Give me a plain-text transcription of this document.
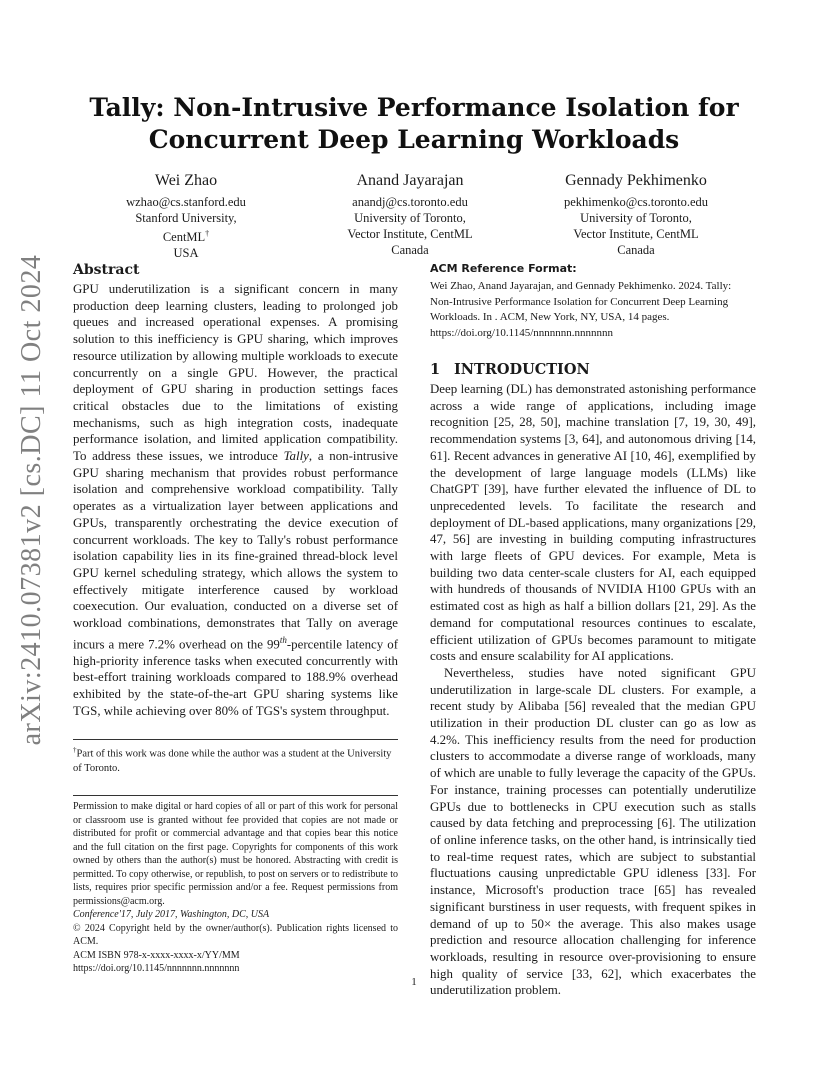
arXiv:2410.07381v2 [cs.DC] 11 Oct 2024
Tally: Non-Intrusive Performance Isolation for
Concurrent Deep Learning Workloads
Wei Zhao
wzhao@cs.stanford.edu
Stanford University,
CentML†
USA
Anand Jayarajan
anandj@cs.toronto.edu
University of Toronto,
Vector Institute, CentML
Canada
Gennady Pekhimenko
pekhimenko@cs.toronto.edu
University of Toronto,
Vector Institute, CentML
Canada
Abstract

GPU underutilization is a significant concern in many production deep learning clusters, leading to prolonged job queues and increased operational expenses. A promising solution to this inefficiency is GPU sharing, which improves resource utilization by allowing multiple workloads to execute concurrently on a single GPU. However, the practical deployment of GPU sharing in production settings faces critical obstacles due to the limitations of existing mechanisms, such as high integration costs, inadequate performance isolation, and limited application compatibility. To address these issues, we introduce Tally, a non-intrusive GPU sharing mechanism that provides robust performance isolation and comprehensive workload compatibility. Tally operates as a virtualization layer between applications and GPUs, transparently orchestrating the device execution of concurrent workloads. The key to Tally's robust performance isolation capability lies in its fine-grained thread-block level GPU kernel scheduling strategy, which allows the system to effectively mitigate interference caused by workload coexecution. Our evaluation, conducted on a diverse set of workload combinations, demonstrates that Tally on average incurs a mere 7.2% overhead on the 99th-percentile latency of high-priority inference tasks when executed concurrently with best-effort training workloads compared to 188.9% overhead exhibited by the state-of-the-art GPU sharing systems like TGS, while achieving over 80% of TGS's system throughput.

†Part of this work was done while the author was a student at the University of Toronto.
Permission to make digital or hard copies of all or part of this work for personal or classroom use is granted without fee provided that copies are not made or distributed for profit or commercial advantage and that copies bear this notice and the full citation on the first page. Copyrights for components of this work owned by others than the author(s) must be honored. Abstracting with credit is permitted. To copy otherwise, or republish, to post on servers or to redistribute to lists, requires prior specific permission and/or a fee. Request permissions from permissions@acm.org.
Conference'17, July 2017, Washington, DC, USA
© 2024 Copyright held by the owner/author(s). Publication rights licensed to ACM.
ACM ISBN 978-x-xxxx-xxxx-x/YY/MM
https://doi.org/10.1145/nnnnnnn.nnnnnnn
ACM Reference Format:
Wei Zhao, Anand Jayarajan, and Gennady Pekhimenko. 2024. Tally: Non-Intrusive Performance Isolation for Concurrent Deep Learning Workloads. In . ACM, New York, NY, USA, 14 pages. https://doi.org/10.1145/nnnnnnn.nnnnnnn
1 INTRODUCTION

Deep learning (DL) has demonstrated astonishing performance across a wide range of applications, including image recognition [25, 28, 50], machine translation [7, 19, 30, 49], recommendation systems [3, 64], and autonomous driving [14, 61]. Recent advances in generative AI [10, 46], exemplified by the development of large language models (LLMs) like ChatGPT [39], have further elevated the influence of DL to unprecedented levels. To facilitate the research and deployment of DL-based applications, many organizations [29, 47, 56] are investing in building computing infrastructures with large fleets of GPU devices. For example, Meta is building two data center-scale clusters for AI, each equipped with hundreds of thousands of NVIDIA H100 GPUs with an estimated cost as high as half a billion dollars [21, 29]. As the demand for computational resources continues to escalate, efficient utilization of GPUs becomes paramount to mitigate costs and ensure scalability for AI applications.

Nevertheless, studies have noted significant GPU underutilization in large-scale DL clusters. For example, a recent study by Alibaba [56] revealed that the median GPU utilization in their production DL cluster can go as low as 4.2%. This inefficiency results from the need for production clusters to accommodate a diverse range of workloads, many of which are unable to fully leverage the capacity of the GPUs. For instance, training processes can potentially underutilize GPUs due to bottlenecks in CPU execution such as stalls caused by data fetching and preprocessing [6]. The utilization of online inference tasks, on the other hand, is intrinsically tied to real-time request rates, which are subject to substantial fluctuations causing unpredictable GPU idleness [33]. For instance, Microsoft's production trace [65] has revealed significant burstiness in user requests, with frequent spikes in demand of up to 50× the average. This also makes usage prediction and resource allocation challenging for inference workloads, resulting in resource over-provisioning to ensure high quality of service [33, 62], which exacerbates the underutilization problem.

1
